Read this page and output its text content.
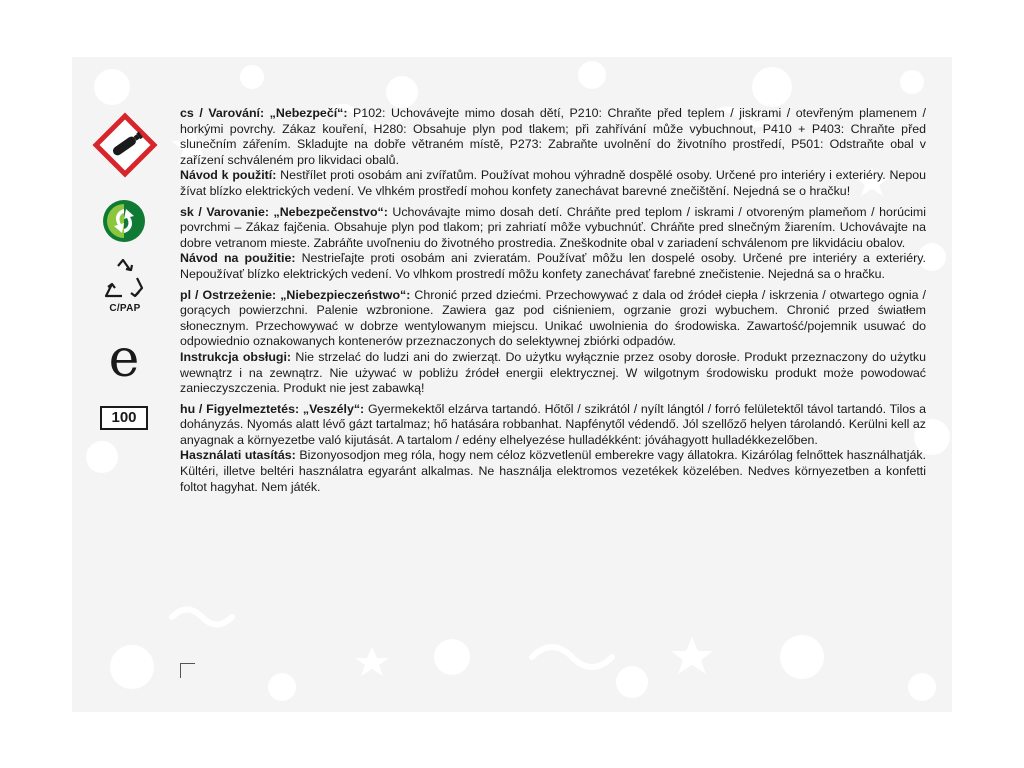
C/PAP
e
100

cs / Varování: „Nebezpečí“: P102: Uchovávejte mimo dosah dětí, P210: Chraňte před teplem / jiskrami / otevřeným plamenem / horkými povrchy. Zákaz kouření, H280: Obsahuje plyn pod tlakem; při zahřívání může vybuchnout, P410 + P403: Chraňte před slunečním zářením. Skladujte na dobře větraném místě, P273: Zabraňte uvolnění do životního prostředí, P501: Odstraňte obal v zařízení schváleném pro likvidaci obalů.

Návod k použití: Nestřílet proti osobám ani zvířatům. Používat mohou výhradně dospělé osoby. Určené pro interiéry i exteriéry. Nepou žívat blízko elektrických vedení. Ve vlhkém prostředí mohou konfety zanechávat barevné znečištění. Nejedná se o hračku!

sk / Varovanie: „Nebezpečenstvo“: Uchovávajte mimo dosah detí. Chráňte pred teplom / iskrami / otvoreným plameňom / horúcimi povrchmi – Zákaz fajčenia. Obsahuje plyn pod tlakom; pri zahriatí môže vybuchnúť. Chráňte pred slnečným žiarením. Uchovávajte na dobre vetranom mieste. Zabráňte uvoľneniu do životného prostredia. Zneškodnite obal v zariadení schválenom pre likvidáciu obalov.

Návod na použitie: Nestrieľajte proti osobám ani zvieratám. Používať môžu len dospelé osoby. Určené pre interiéry a exteriéry. Nepoužívať blízko elektrických vedení. Vo vlhkom prostredí môžu konfety zanechávať farebné znečistenie. Nejedná sa o hračku.

pl / Ostrzeżenie: „Niebezpieczeństwo“: Chronić przed dziećmi. Przechowywać z dala od źródeł ciepła / iskrzenia / otwartego ognia / gorących powierzchni. Palenie wzbronione. Zawiera gaz pod ciśnieniem, ogrzanie grozi wybuchem. Chronić przed światłem słonecznym. Przechowywać w dobrze wentylowanym miejscu. Unikać uwolnienia do środowiska. Zawartość/pojemnik usuwać do odpowiednio oznakowanych kontenerów przeznaczonych do selektywnej zbiórki odpadów.

Instrukcja obsługi: Nie strzelać do ludzi ani do zwierząt. Do użytku wyłącznie przez osoby dorosłe. Produkt przeznaczony do użytku wewnątrz i na zewnątrz. Nie używać w pobliżu źródeł energii elektrycznej. W wilgotnym środowisku produkt może powodować zanieczyszczenia. Produkt nie jest zabawką!

hu / Figyelmeztetés: „Veszély“: Gyermekektől elzárva tartandó. Hőtől / szikrától / nyílt lángtól / forró felületektől távol tartandó. Tilos a dohányzás. Nyomás alatt lévő gázt tartalmaz; hő hatására robbanhat. Napfénytől védendő. Jól szellőző helyen tárolandó. Kerülni kell az anyagnak a környezetbe való kijutását. A tartalom / edény elhelyezése hulladékként: jóváhagyott hulladékkezelőben.

Használati utasítás: Bizonyosodjon meg róla, hogy nem céloz közvetlenül emberekre vagy állatokra. Kizárólag felnőttek használhatják. Kültéri, illetve beltéri használatra egyaránt alkalmas. Ne használja elektromos vezetékek közelében. Nedves környezetben a konfetti foltot hagyhat. Nem játék.
